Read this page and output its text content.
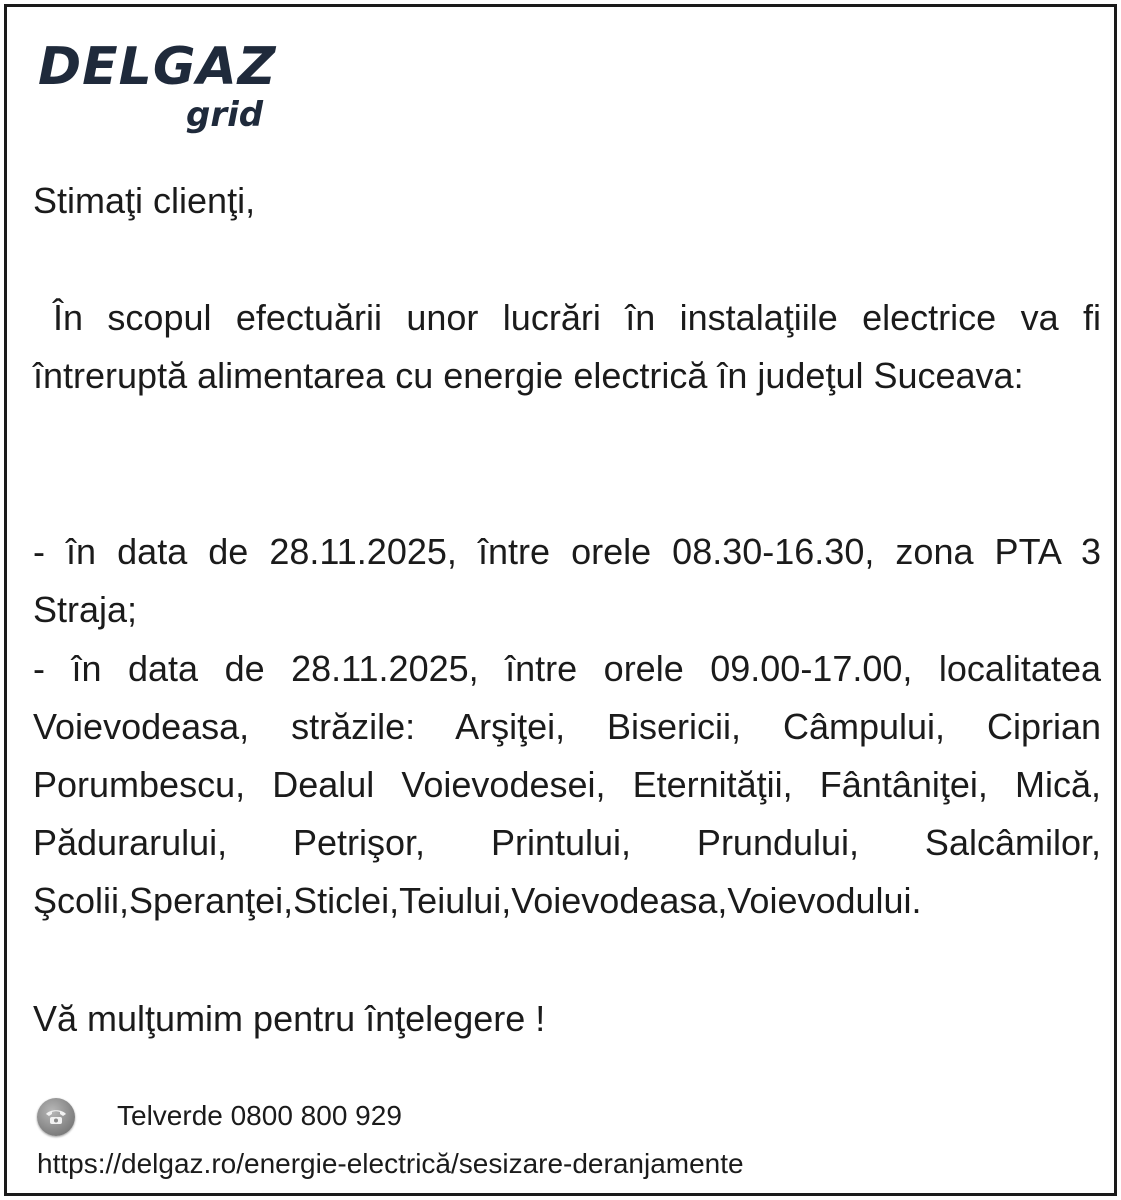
DELGAZ
grid
Stimaţi clienţi,
În scopul efectuării unor lucrări în instalaţiile electrice va fi întreruptă alimentarea cu energie electrică în judeţul Suceava:
- în data de 28.11.2025, între orele 08.30-16.30, zona PTA 3 Straja;
- în data de 28.11.2025, între orele 09.00-17.00, localitatea Voievodeasa, străzile: Arşiţei, Bisericii, Câmpului, Ciprian Porumbescu, Dealul Voievodesei, Eternităţii, Fântâniţei, Mică, Pădurarului, Petrişor, Printului, Prundului, Salcâmilor, Şcolii,Speranţei,Sticlei,Teiului,Voievodeasa,Voievodului.
Vă mulţumim pentru înţelegere !
Telverde 0800 800 929
https://delgaz.ro/energie-electrică/sesizare-deranjamente
